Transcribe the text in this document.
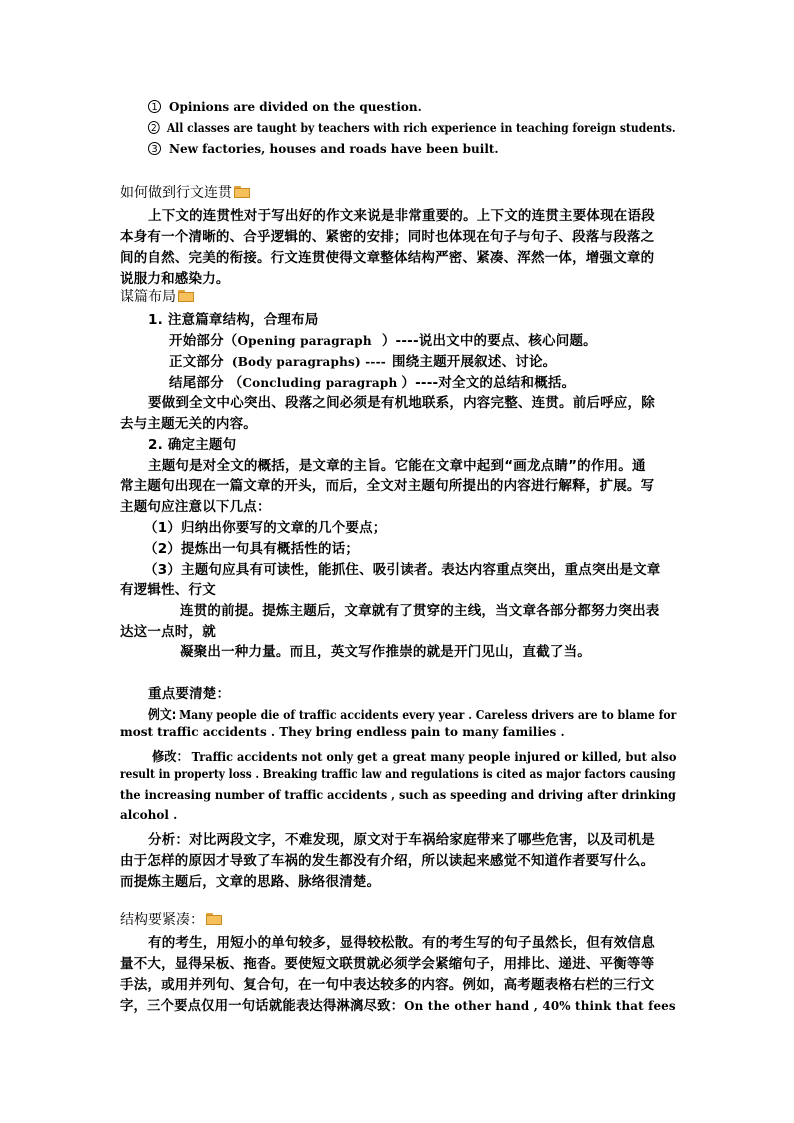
1 Opinions are divided on the question.
2 All classes are taught by teachers with rich experience in teaching foreign students.
3 New factories, houses and roads have been built.
如何做到行文连贯
上下文的连贯性对于写出好的作文来说是非常重要的。上下文的连贯主要体现在语段
本身有一个清晰的、合乎逻辑的、紧密的安排；同时也体现在句子与句子、段落与段落之
间的自然、完美的衔接。行文连贯使得文章整体结构严密、紧凑、浑然一体，增强文章的
说服力和感染力。
谋篇布局
1. 注意篇章结构，合理布局
开始部分（Opening paragraph ）----说出文中的要点、核心问题。
正文部分 (Body paragraphs) ---- 围绕主题开展叙述、讨论。
结尾部分 （Concluding paragraph ）----对全文的总结和概括。
要做到全文中心突出、段落之间必须是有机地联系，内容完整、连贯。前后呼应，除
去与主题无关的内容。
2. 确定主题句
主题句是对全文的概括，是文章的主旨。它能在文章中起到“画龙点睛”的作用。通
常主题句出现在一篇文章的开头，而后，全文对主题句所提出的内容进行解释，扩展。写
主题句应注意以下几点：
（1）归纳出你要写的文章的几个要点；
（2）提炼出一句具有概括性的话；
（3）主题句应具有可读性，能抓住、吸引读者。表达内容重点突出，重点突出是文章
有逻辑性、行文
连贯的前提。提炼主题后，文章就有了贯穿的主线，当文章各部分都努力突出表
达这一点时，就
凝聚出一种力量。而且，英文写作推崇的就是开门见山，直截了当。
重点要清楚：
例文: Many people die of traffic accidents every year . Careless drivers are to blame for
most traffic accidents . They bring endless pain to many families .
修改： Traffic accidents not only get a great many people injured or killed, but also
result in property loss . Breaking traffic law and regulations is cited as major factors causing
the increasing number of traffic accidents , such as speeding and driving after drinking
alcohol .
分析：对比两段文字，不难发现，原文对于车祸给家庭带来了哪些危害，以及司机是
由于怎样的原因才导致了车祸的发生都没有介绍，所以读起来感觉不知道作者要写什么。
而提炼主题后，文章的思路、脉络很清楚。
结构要紧凑：
有的考生，用短小的单句较多，显得较松散。有的考生写的句子虽然长，但有效信息
量不大，显得呆板、拖沓。要使短文联贯就必须学会紧缩句子，用排比、递进、平衡等等
手法，或用并列句、复合句，在一句中表达较多的内容。例如，高考题表格右栏的三行文
字，三个要点仅用一句话就能表达得淋漓尽致：On the other hand , 40% think that fees
